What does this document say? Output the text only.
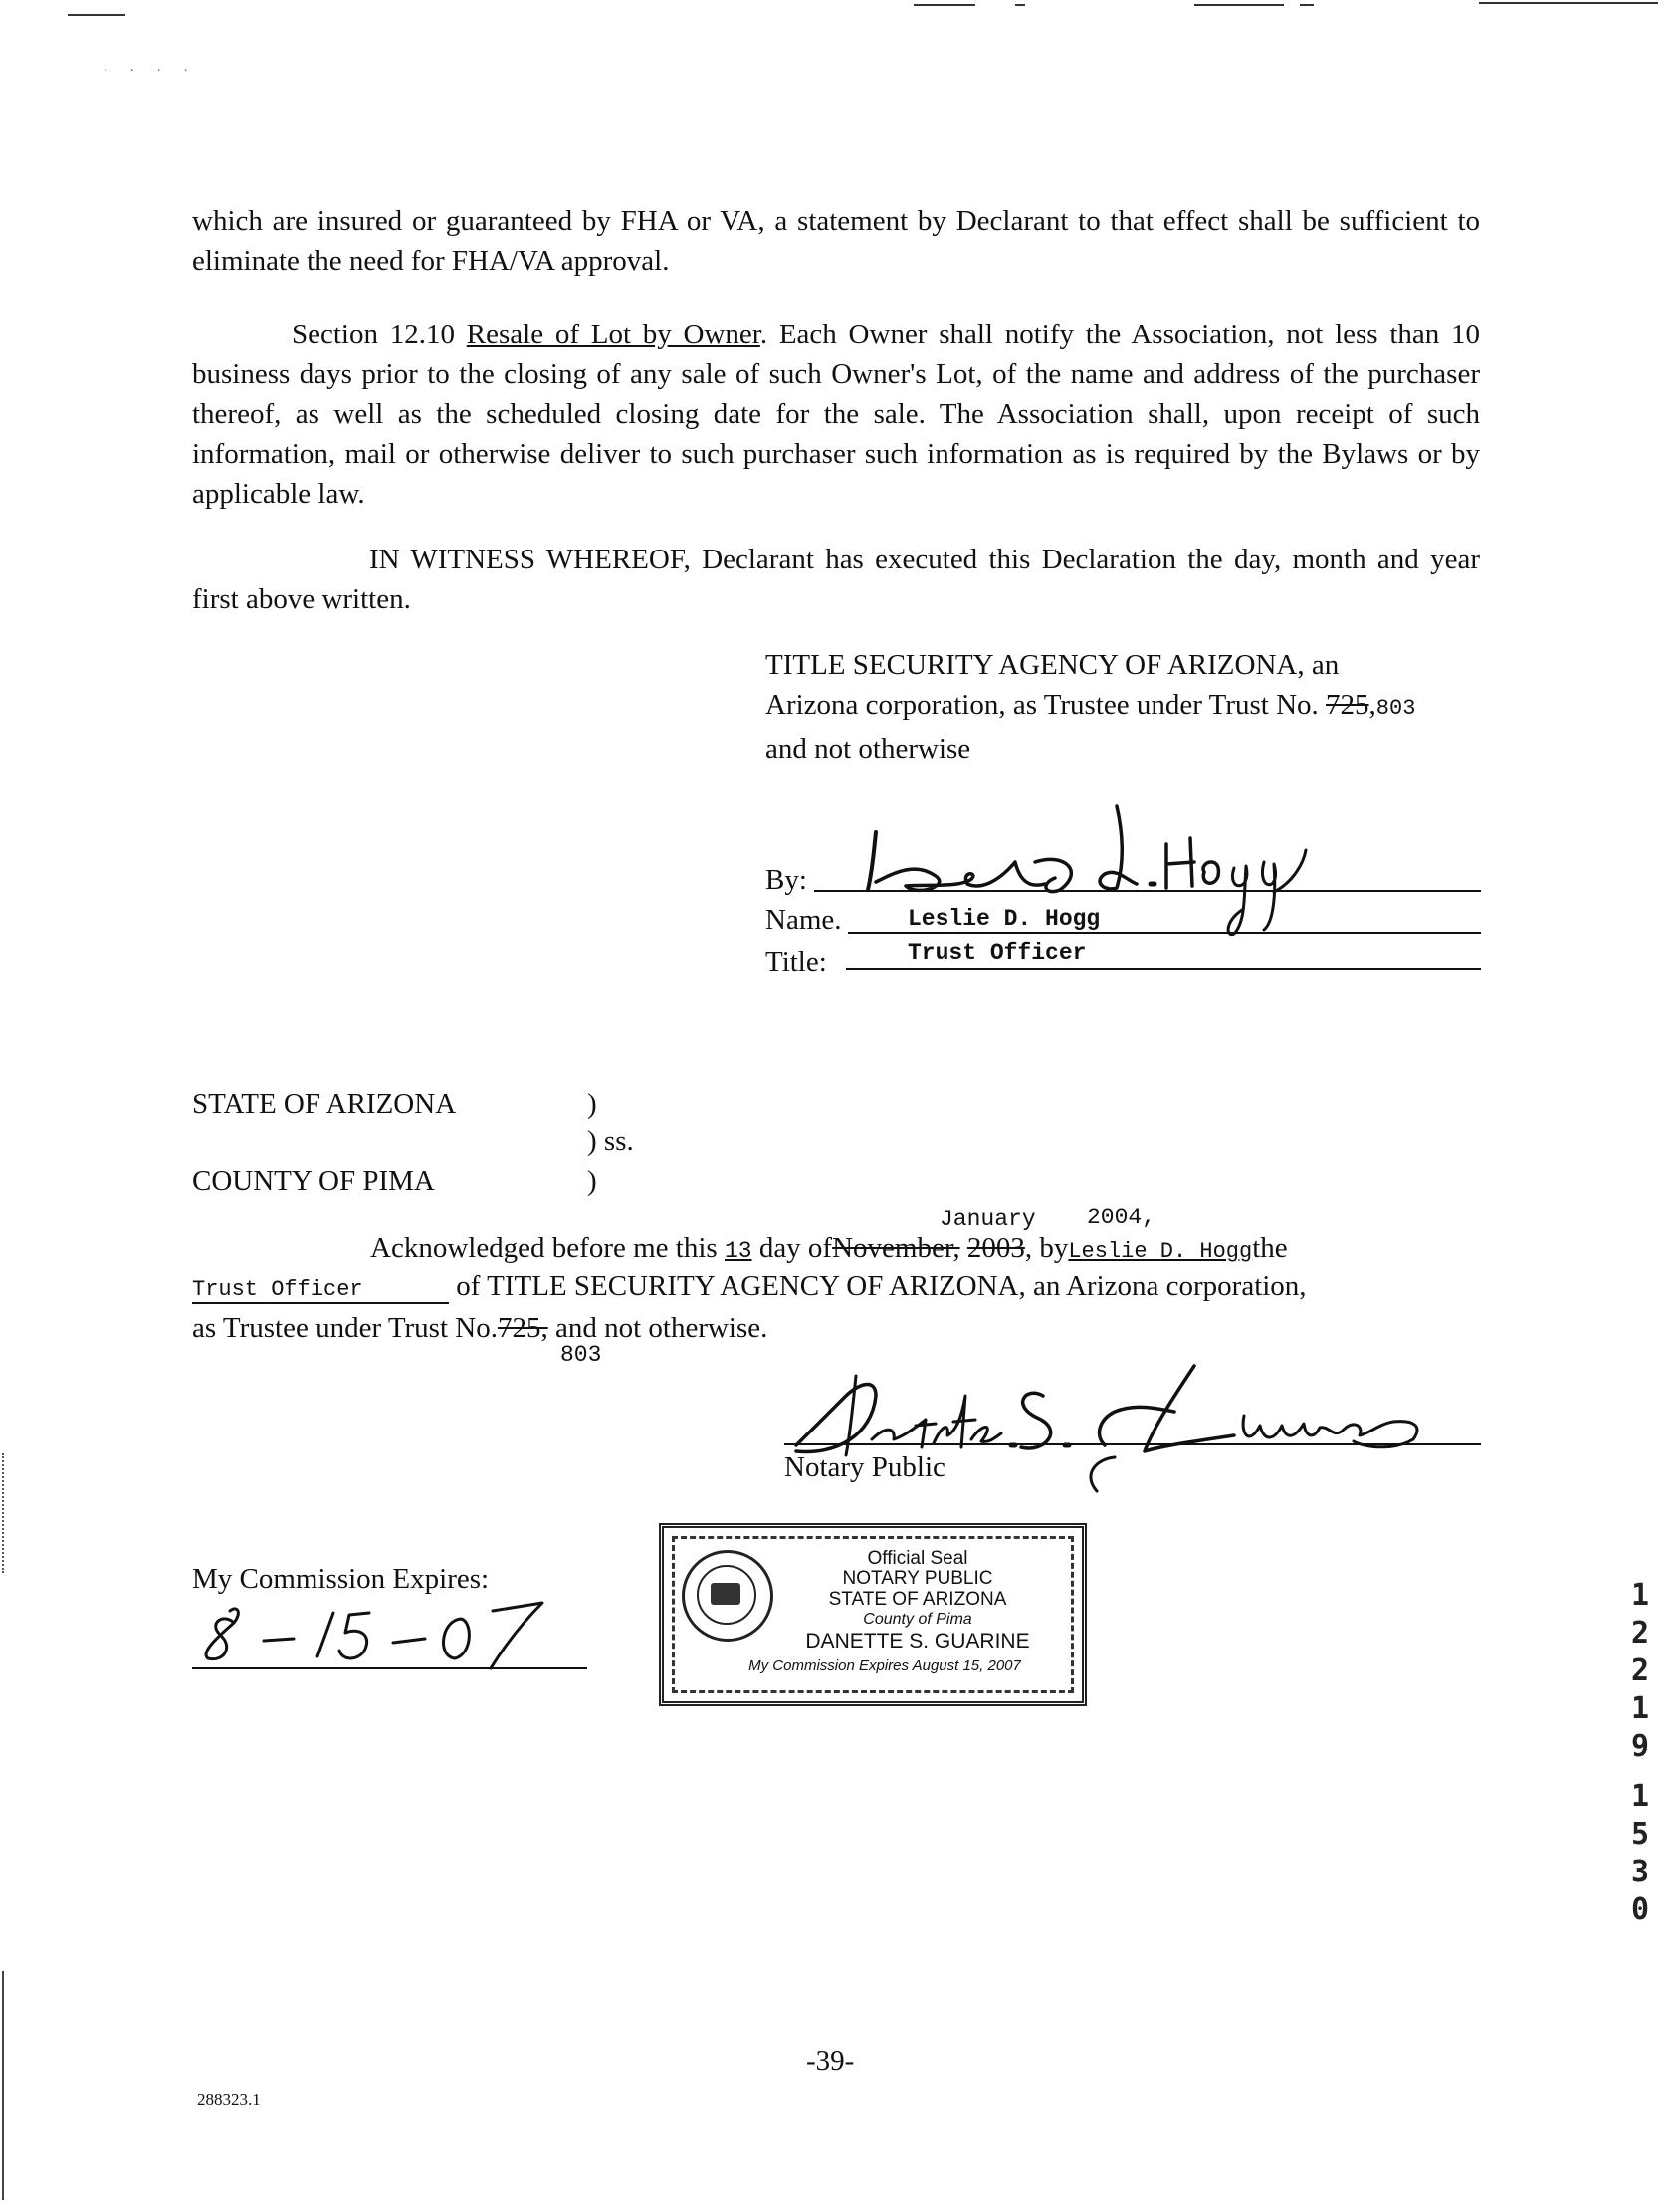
. . . .
which are insured or guaranteed by FHA or VA, a statement by Declarant to that effect shall be sufficient to eliminate the need for FHA/VA approval.
Section 12.10 Resale of Lot by Owner. Each Owner shall notify the Association, not less than 10 business days prior to the closing of any sale of such Owner's Lot, of the name and address of the purchaser thereof, as well as the scheduled closing date for the sale. The Association shall, upon receipt of such information, mail or otherwise deliver to such purchaser such information as is required by the Bylaws or by applicable law.
IN WITNESS WHEREOF, Declarant has executed this Declaration the day, month and year first above written.
TITLE SECURITY AGENCY OF ARIZONA, an
Arizona corporation, as Trustee under Trust No. 725,803
and not otherwise
By:
Name.	Leslie D. Hogg
Title:	Trust Officer
STATE OF ARIZONA	)
) ss.
COUNTY OF PIMA	)
January 2004,
Acknowledged before me this 13 day ofNovember, 2003, byLeslie D. Hoggthe
Trust Officer	of TITLE SECURITY AGENCY OF ARIZONA, an Arizona corporation,
as Trustee under Trust No.725, and not otherwise.
803
Notary Public
My Commission Expires:
Official Seal
NOTARY PUBLIC
STATE OF ARIZONA
County of Pima
DANETTE S. GUARINE
My Commission Expires August 15, 2007
1
2
2
1
9
1
5
3
0
-39-
288323.1
